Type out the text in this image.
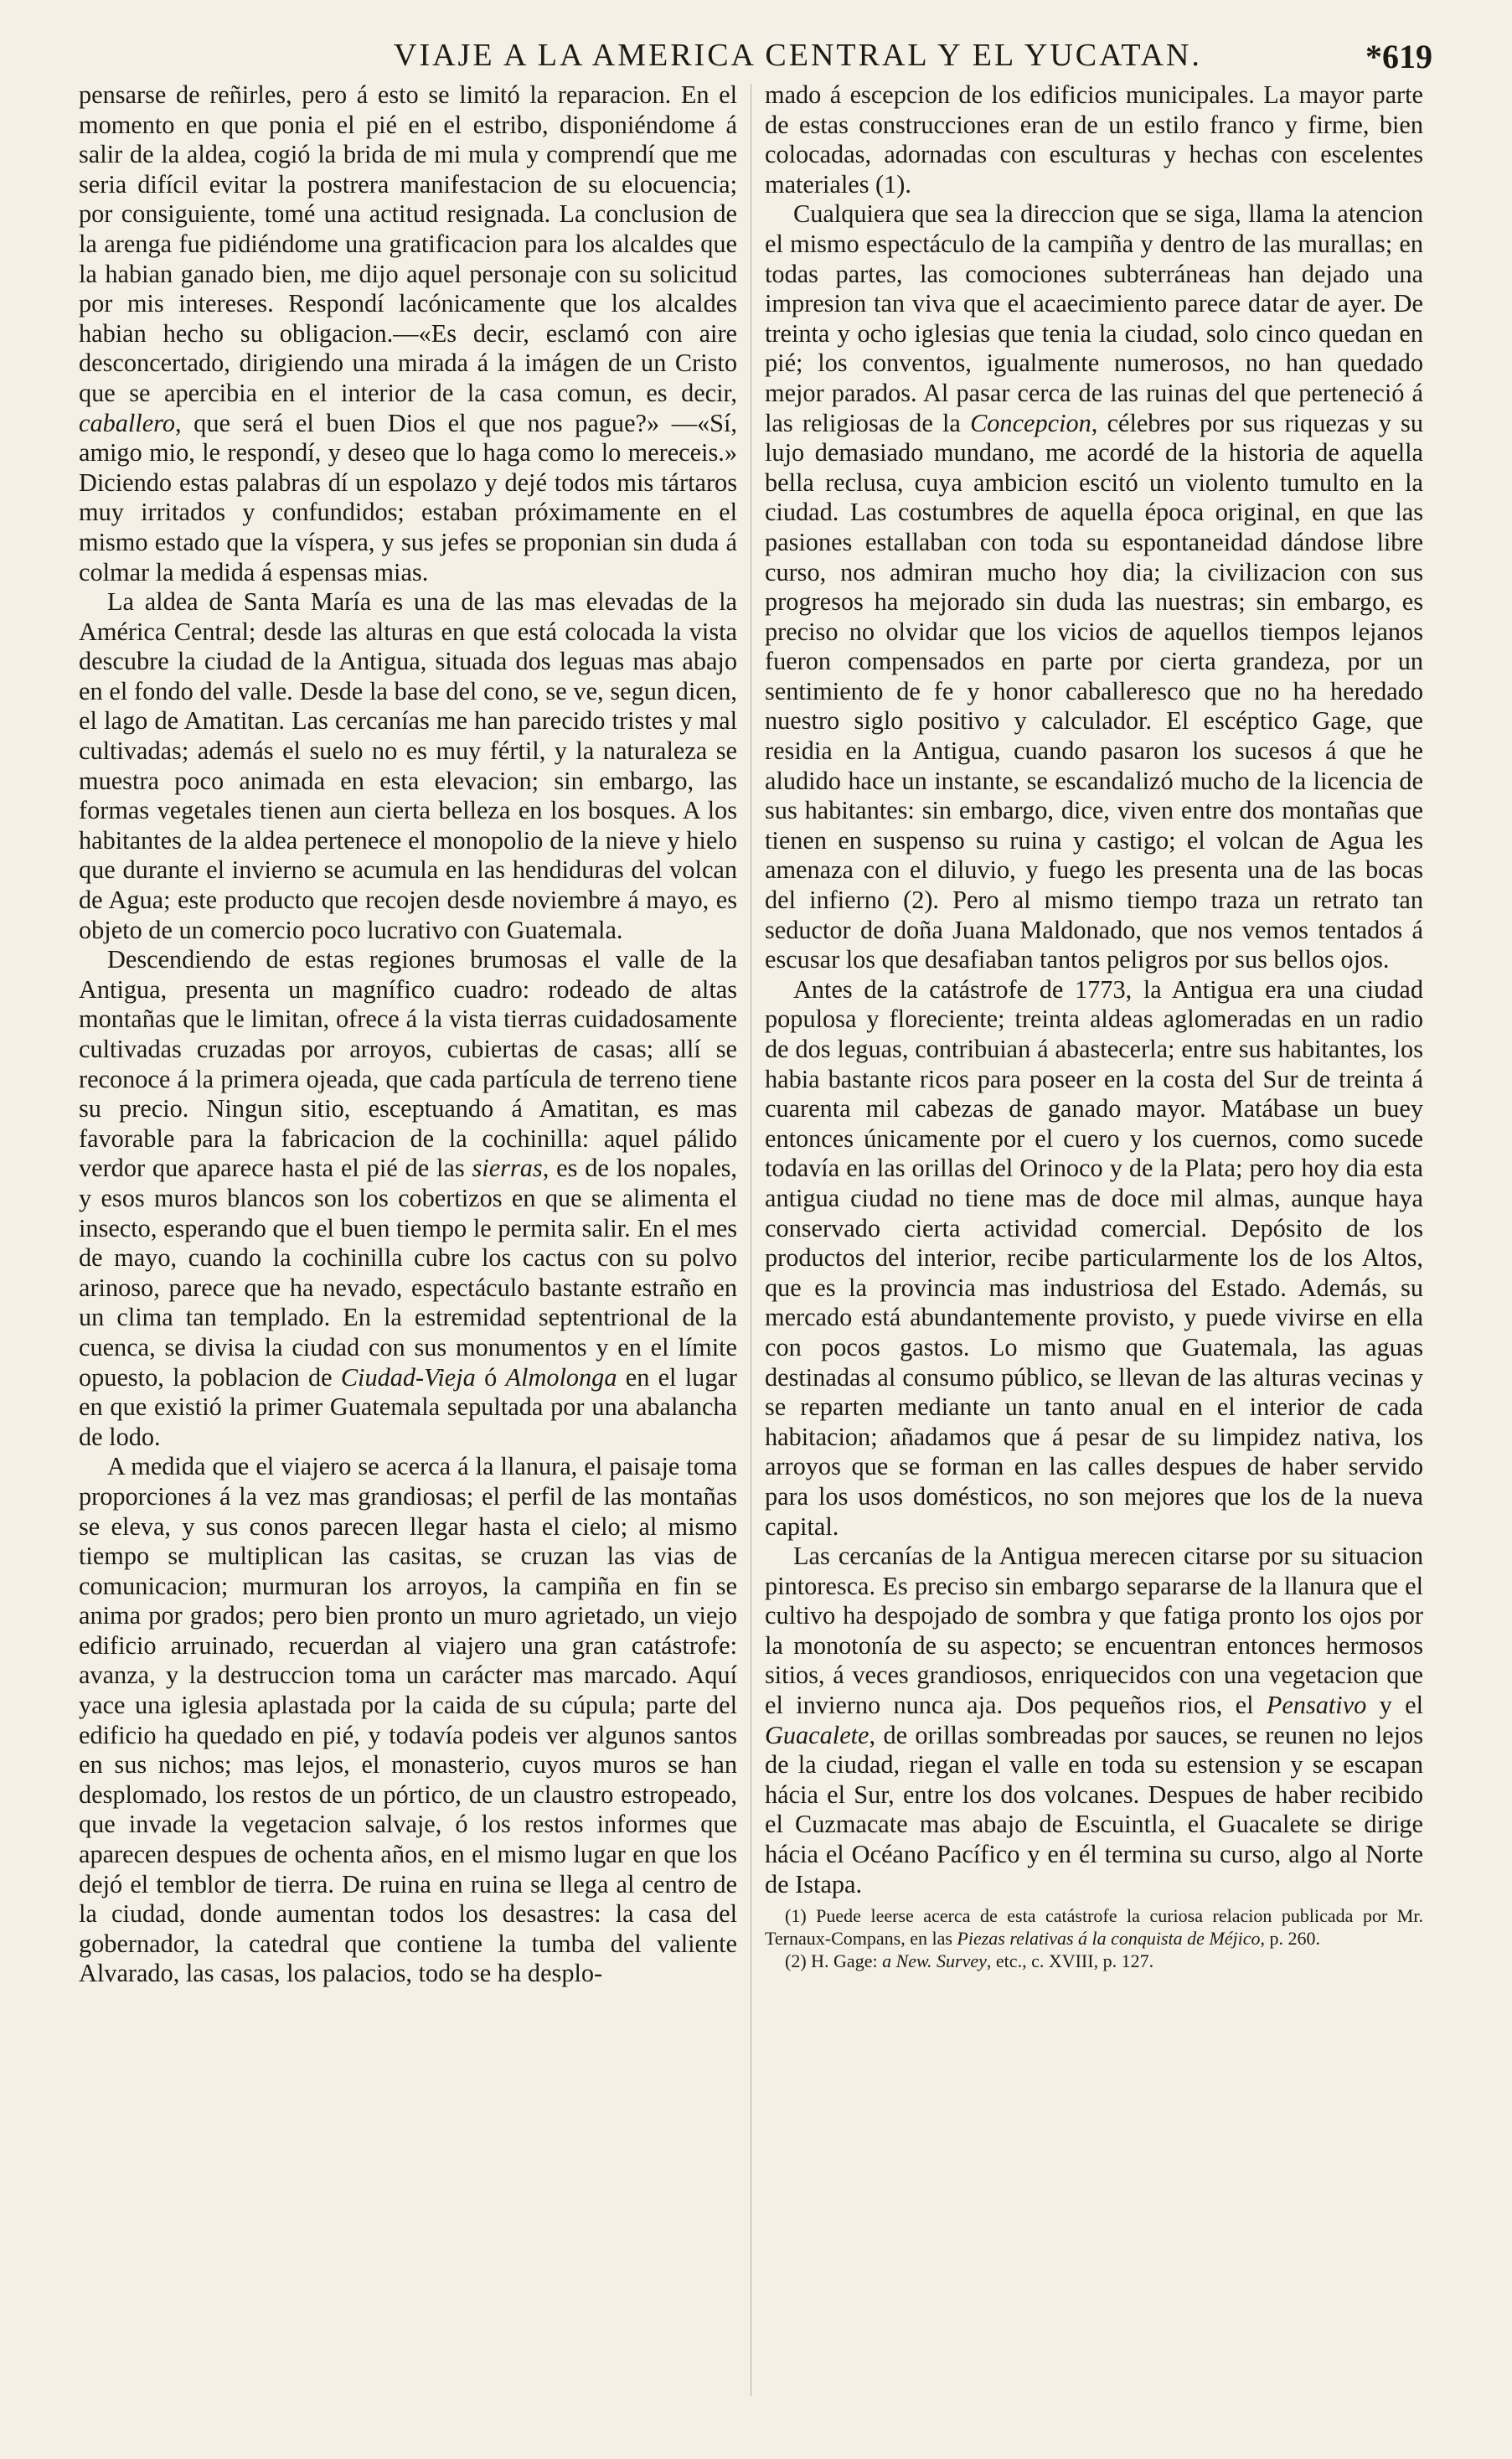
VIAJE A LA AMERICA CENTRAL Y EL YUCATAN.	*619

pensarse de reñirles, pero á esto se limitó la reparacion. En el momento en que ponia el pié en el estribo, disponiéndome á salir de la aldea, cogió la brida de mi mula y comprendí que me seria difícil evitar la postrera manifestacion de su elocuencia; por consiguiente, tomé una actitud resignada. La conclusion de la arenga fue pidiéndome una gratificacion para los alcaldes que la habian ganado bien, me dijo aquel personaje con su solicitud por mis intereses. Respondí lacónicamente que los alcaldes habian hecho su obligacion.—«Es decir, esclamó con aire desconcertado, dirigiendo una mirada á la imágen de un Cristo que se apercibia en el interior de la casa comun, es decir, caballero, que será el buen Dios el que nos pague?» —«Sí, amigo mio, le respondí, y deseo que lo haga como lo mereceis.» Diciendo estas palabras dí un espolazo y dejé todos mis tártaros muy irritados y confundidos; estaban próximamente en el mismo estado que la víspera, y sus jefes se proponian sin duda á colmar la medida á espensas mias.

La aldea de Santa María es una de las mas elevadas de la América Central; desde las alturas en que está colocada la vista descubre la ciudad de la Antigua, situada dos leguas mas abajo en el fondo del valle. Desde la base del cono, se ve, segun dicen, el lago de Amatitan. Las cercanías me han parecido tristes y mal cultivadas; además el suelo no es muy fértil, y la naturaleza se muestra poco animada en esta elevacion; sin embargo, las formas vegetales tienen aun cierta belleza en los bosques. A los habitantes de la aldea pertenece el monopolio de la nieve y hielo que durante el invierno se acumula en las hendiduras del volcan de Agua; este producto que recojen desde noviembre á mayo, es objeto de un comercio poco lucrativo con Guatemala.

Descendiendo de estas regiones brumosas el valle de la Antigua, presenta un magnífico cuadro: rodeado de altas montañas que le limitan, ofrece á la vista tierras cuidadosamente cultivadas cruzadas por arroyos, cubiertas de casas; allí se reconoce á la primera ojeada, que cada partícula de terreno tiene su precio. Ningun sitio, esceptuando á Amatitan, es mas favorable para la fabricacion de la cochinilla: aquel pálido verdor que aparece hasta el pié de las sierras, es de los nopales, y esos muros blancos son los cobertizos en que se alimenta el insecto, esperando que el buen tiempo le permita salir. En el mes de mayo, cuando la cochinilla cubre los cactus con su polvo arinoso, parece que ha nevado, espectáculo bastante estraño en un clima tan templado. En la estremidad septentrional de la cuenca, se divisa la ciudad con sus monumentos y en el límite opuesto, la poblacion de Ciudad-Vieja ó Almolonga en el lugar en que existió la primer Guatemala sepultada por una abalancha de lodo.

A medida que el viajero se acerca á la llanura, el paisaje toma proporciones á la vez mas grandiosas; el perfil de las montañas se eleva, y sus conos parecen llegar hasta el cielo; al mismo tiempo se multiplican las casitas, se cruzan las vias de comunicacion; murmuran los arroyos, la campiña en fin se anima por grados; pero bien pronto un muro agrietado, un viejo edificio arruinado, recuerdan al viajero una gran catástrofe: avanza, y la destruccion toma un carácter mas marcado. Aquí yace una iglesia aplastada por la caida de su cúpula; parte del edificio ha quedado en pié, y todavía podeis ver algunos santos en sus nichos; mas lejos, el monasterio, cuyos muros se han desplomado, los restos de un pórtico, de un claustro estropeado, que invade la vegetacion salvaje, ó los restos informes que aparecen despues de ochenta años, en el mismo lugar en que los dejó el temblor de tierra. De ruina en ruina se llega al centro de la ciudad, donde aumentan todos los desastres: la casa del gobernador, la catedral que contiene la tumba del valiente Alvarado, las casas, los palacios, todo se ha desplo-

mado á escepcion de los edificios municipales. La mayor parte de estas construcciones eran de un estilo franco y firme, bien colocadas, adornadas con esculturas y hechas con escelentes materiales (1).

Cualquiera que sea la direccion que se siga, llama la atencion el mismo espectáculo de la campiña y dentro de las murallas; en todas partes, las comociones subterráneas han dejado una impresion tan viva que el acaecimiento parece datar de ayer. De treinta y ocho iglesias que tenia la ciudad, solo cinco quedan en pié; los conventos, igualmente numerosos, no han quedado mejor parados. Al pasar cerca de las ruinas del que perteneció á las religiosas de la Concepcion, célebres por sus riquezas y su lujo demasiado mundano, me acordé de la historia de aquella bella reclusa, cuya ambicion escitó un violento tumulto en la ciudad. Las costumbres de aquella época original, en que las pasiones estallaban con toda su espontaneidad dándose libre curso, nos admiran mucho hoy dia; la civilizacion con sus progresos ha mejorado sin duda las nuestras; sin embargo, es preciso no olvidar que los vicios de aquellos tiempos lejanos fueron compensados en parte por cierta grandeza, por un sentimiento de fe y honor caballeresco que no ha heredado nuestro siglo positivo y calculador. El escéptico Gage, que residia en la Antigua, cuando pasaron los sucesos á que he aludido hace un instante, se escandalizó mucho de la licencia de sus habitantes: sin embargo, dice, viven entre dos montañas que tienen en suspenso su ruina y castigo; el volcan de Agua les amenaza con el diluvio, y fuego les presenta una de las bocas del infierno (2). Pero al mismo tiempo traza un retrato tan seductor de doña Juana Maldonado, que nos vemos tentados á escusar los que desafiaban tantos peligros por sus bellos ojos.

Antes de la catástrofe de 1773, la Antigua era una ciudad populosa y floreciente; treinta aldeas aglomeradas en un radio de dos leguas, contribuian á abastecerla; entre sus habitantes, los habia bastante ricos para poseer en la costa del Sur de treinta á cuarenta mil cabezas de ganado mayor. Matábase un buey entonces únicamente por el cuero y los cuernos, como sucede todavía en las orillas del Orinoco y de la Plata; pero hoy dia esta antigua ciudad no tiene mas de doce mil almas, aunque haya conservado cierta actividad comercial. Depósito de los productos del interior, recibe particularmente los de los Altos, que es la provincia mas industriosa del Estado. Además, su mercado está abundantemente provisto, y puede vivirse en ella con pocos gastos. Lo mismo que Guatemala, las aguas destinadas al consumo público, se llevan de las alturas vecinas y se reparten mediante un tanto anual en el interior de cada habitacion; añadamos que á pesar de su limpidez nativa, los arroyos que se forman en las calles despues de haber servido para los usos domésticos, no son mejores que los de la nueva capital.

Las cercanías de la Antigua merecen citarse por su situacion pintoresca. Es preciso sin embargo separarse de la llanura que el cultivo ha despojado de sombra y que fatiga pronto los ojos por la monotonía de su aspecto; se encuentran entonces hermosos sitios, á veces grandiosos, enriquecidos con una vegetacion que el invierno nunca aja. Dos pequeños rios, el Pensativo y el Guacalete, de orillas sombreadas por sauces, se reunen no lejos de la ciudad, riegan el valle en toda su estension y se escapan hácia el Sur, entre los dos volcanes. Despues de haber recibido el Cuzmacate mas abajo de Escuintla, el Guacalete se dirige hácia el Océano Pacífico y en él termina su curso, algo al Norte de Istapa.

(1) Puede leerse acerca de esta catástrofe la curiosa relacion publicada por Mr. Ternaux-Compans, en las Piezas relativas á la conquista de Méjico, p. 260.

(2) H. Gage: a New. Survey, etc., c. XVIII, p. 127.
